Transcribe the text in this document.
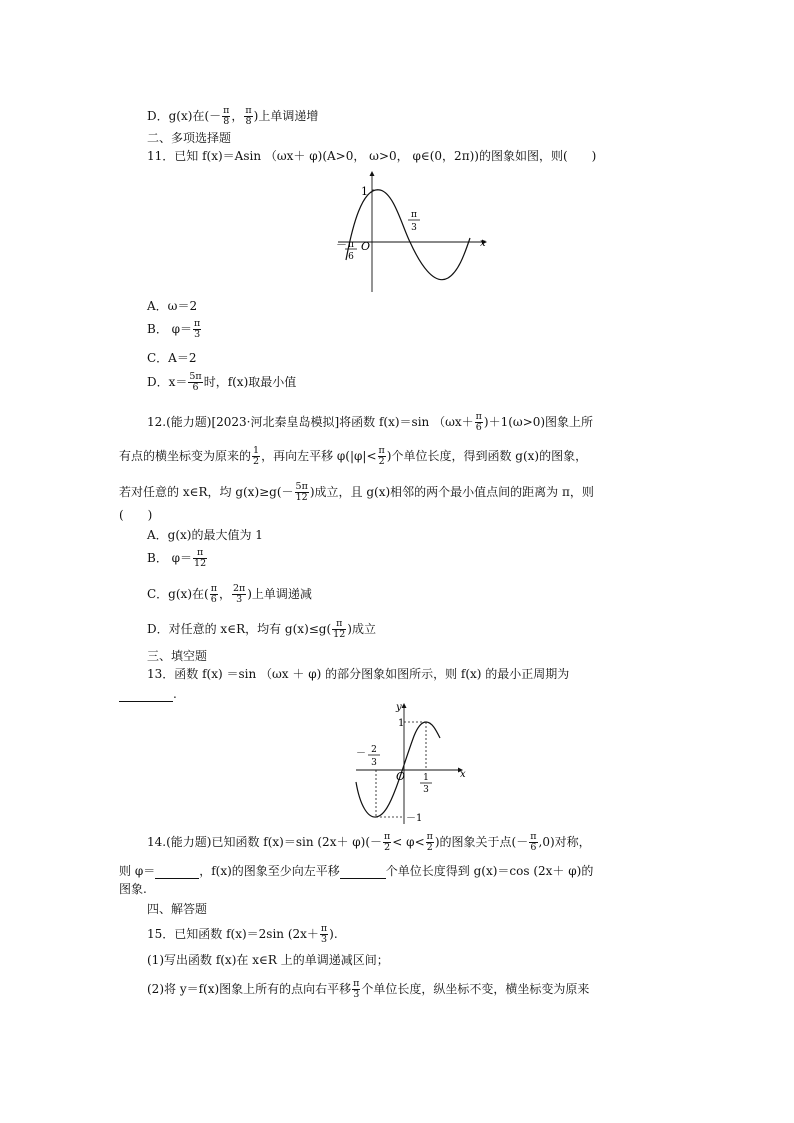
D．g(x)在(－ $\frac{\pi}{8}$ ， $\frac{\pi}{8}$ )上单调递增
二、多项选择题
11．已知 f(x)＝Asin （ωx＋ φ)(A>0， ω>0， φ∈(0，2π))的图象如图，则(　　)
1
x
O
－ π
6
π
3
A．ω＝2
B． $\varphi= \frac{\pi}{3}$
C．A＝2
D．$x= \frac{5\pi}{6}$ 时，f(x)取最小值
12.(能力题)[2023·河北秦皇岛模拟]将函数 f(x)＝sin $(\omega x+ \frac{\pi}{6} )+1(\omega>0)$图象上所
有点的横坐标变为原来的 $\frac{1}{2}$ ，再向左平移 $\varphi(|\varphi|< \frac{\pi}{2}$ )个单位长度，得到函数 g(x)的图象，
若对任意的 x∈R，均 $g(x)\ge g(- \frac{5\pi}{12}$ )成立，且 g(x)相邻的两个最小值点间的距离为 π，则
(　　)
A．g(x)的最大值为 1
B． $\varphi= \frac{\pi}{12}$
C．g(x)在( $\frac{\pi}{6}$ ， $\frac{2\pi}{3}$ )上单调递减
D．对任意的 x∈R，均有 $g(x)\le g( \frac{\pi}{12}$ )成立
三、填空题
13．函数 f(x) ＝sin （ωx ＋ φ) 的部分图象如图所示，则 f(x) 的最小正周期为
.
y
x
O
1
－1
－ 2
3
1
3
14.(能力题)已知函数 f(x)＝sin $(2x+ \varphi)(- \frac{\pi}{2} < \varphi< \frac{\pi}{2}$ )的图象关于点(－ $\frac{\pi}{6} ,0$)对称，
则 φ＝	，f(x)的图象至少向左平移	个单位长度得到 g(x)＝cos (2x＋ φ)的
图象.
四、解答题
15．已知函数 f(x)＝2sin ($2x+ \frac{\pi}{3}$ ).
(1)写出函数 f(x)在 x∈R 上的单调递减区间；
(2)将 y＝f(x)图象上所有的点向右平移 $\frac{\pi}{3}$ 个单位长度，纵坐标不变，横坐标变为原来
